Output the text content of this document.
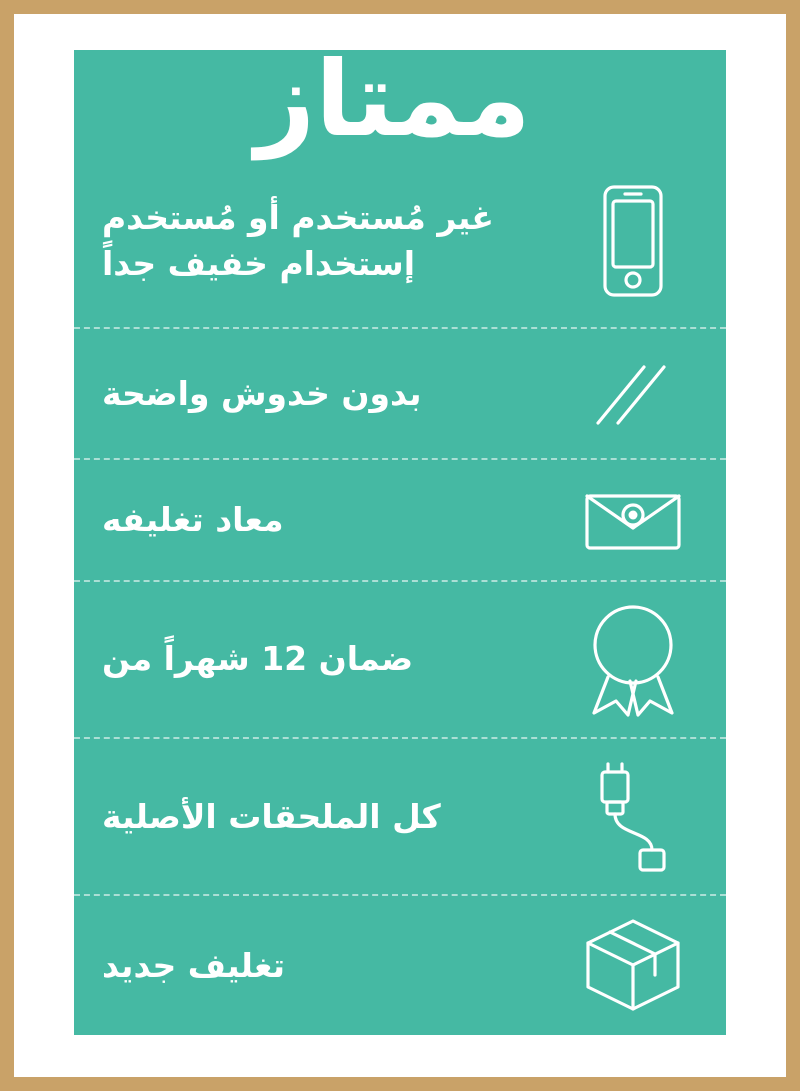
ممتاز
غير مُستخدم أو مُستخدم إستخدام خفيف جداً
بدون خدوش واضحة
معاد تغليفه
ضمان 12 شهراً من
كل الملحقات الأصلية
تغليف جديد
